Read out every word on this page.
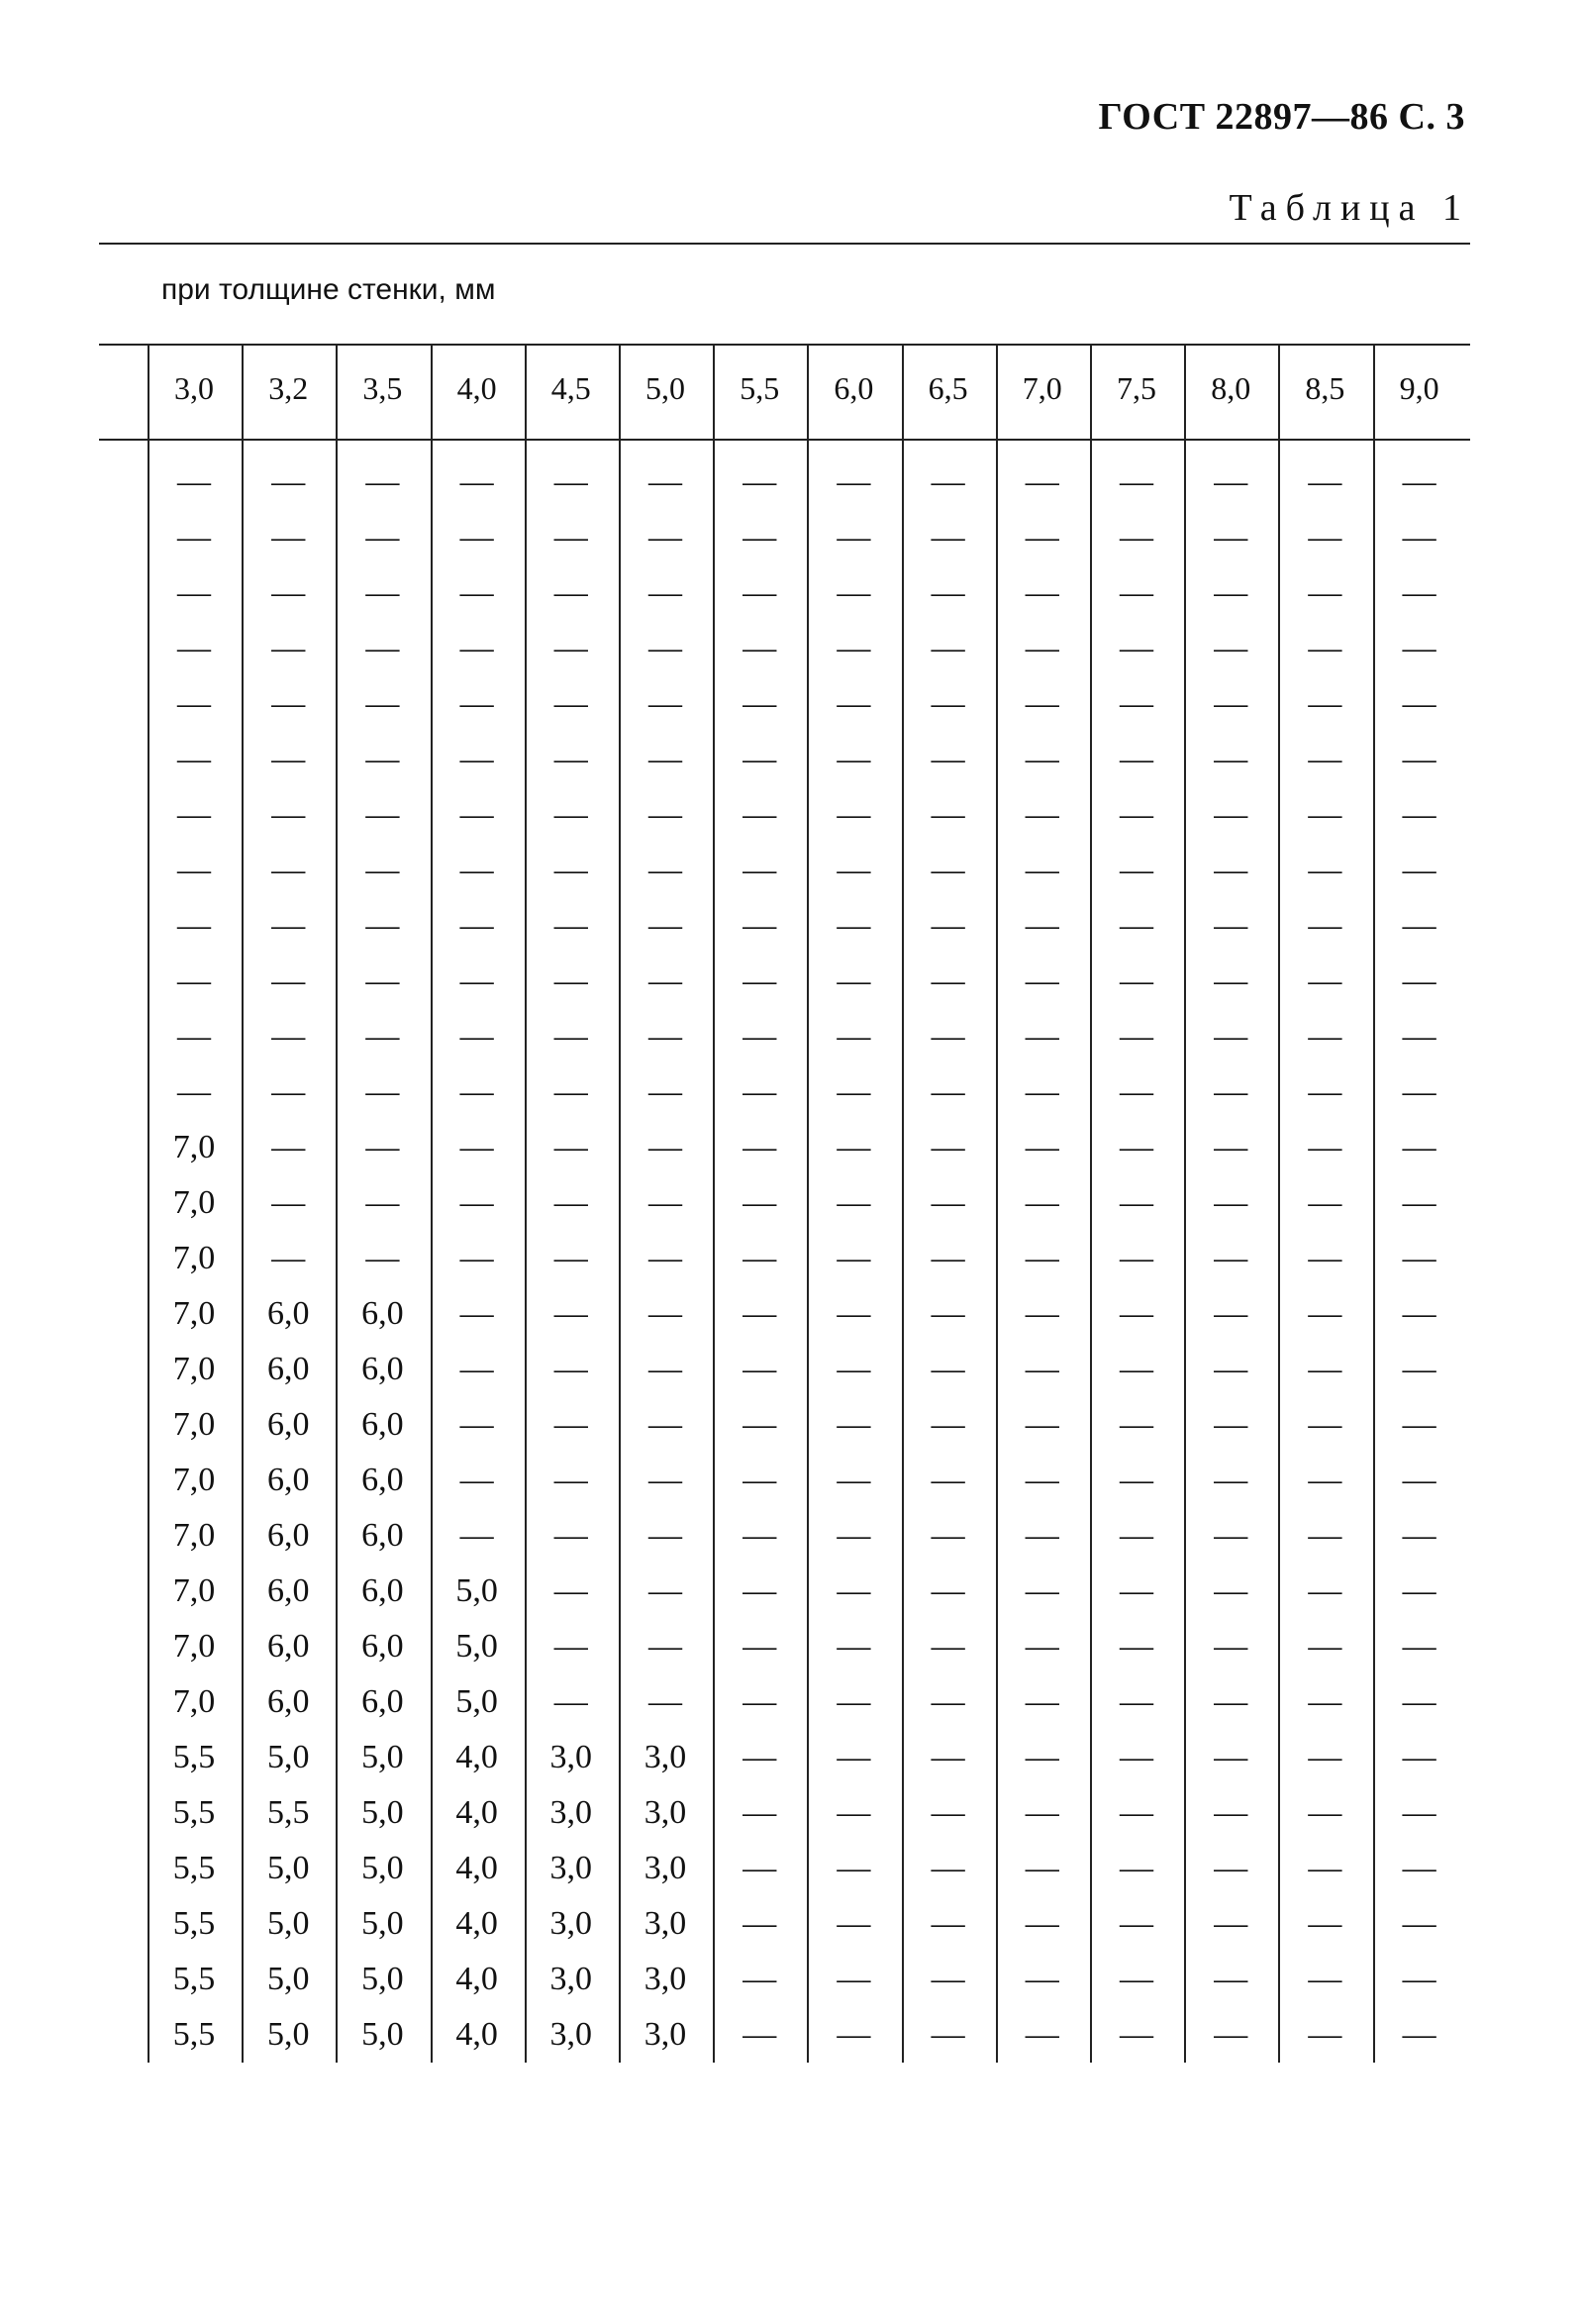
ГОСТ 22897—86 С. 3
Таблица 1
при толщине стенки, мм
3,0	3,2	3,5	4,0	4,5	5,0	5,5	6,0	6,5	7,0	7,5	8,0	8,5	9,0
—	—	—	—	—	—	—	—	—	—	—	—	—	—
—	—	—	—	—	—	—	—	—	—	—	—	—	—
—	—	—	—	—	—	—	—	—	—	—	—	—	—
—	—	—	—	—	—	—	—	—	—	—	—	—	—
—	—	—	—	—	—	—	—	—	—	—	—	—	—
—	—	—	—	—	—	—	—	—	—	—	—	—	—
—	—	—	—	—	—	—	—	—	—	—	—	—	—
—	—	—	—	—	—	—	—	—	—	—	—	—	—
—	—	—	—	—	—	—	—	—	—	—	—	—	—
—	—	—	—	—	—	—	—	—	—	—	—	—	—
—	—	—	—	—	—	—	—	—	—	—	—	—	—
—	—	—	—	—	—	—	—	—	—	—	—	—	—
7,0	—	—	—	—	—	—	—	—	—	—	—	—	—
7,0	—	—	—	—	—	—	—	—	—	—	—	—	—
7,0	—	—	—	—	—	—	—	—	—	—	—	—	—
7,0	6,0	6,0	—	—	—	—	—	—	—	—	—	—	—
7,0	6,0	6,0	—	—	—	—	—	—	—	—	—	—	—
7,0	6,0	6,0	—	—	—	—	—	—	—	—	—	—	—
7,0	6,0	6,0	—	—	—	—	—	—	—	—	—	—	—
7,0	6,0	6,0	—	—	—	—	—	—	—	—	—	—	—
7,0	6,0	6,0	5,0	—	—	—	—	—	—	—	—	—	—
7,0	6,0	6,0	5,0	—	—	—	—	—	—	—	—	—	—
7,0	6,0	6,0	5,0	—	—	—	—	—	—	—	—	—	—
5,5	5,0	5,0	4,0	3,0	3,0	—	—	—	—	—	—	—	—
5,5	5,5	5,0	4,0	3,0	3,0	—	—	—	—	—	—	—	—
5,5	5,0	5,0	4,0	3,0	3,0	—	—	—	—	—	—	—	—
5,5	5,0	5,0	4,0	3,0	3,0	—	—	—	—	—	—	—	—
5,5	5,0	5,0	4,0	3,0	3,0	—	—	—	—	—	—	—	—
5,5	5,0	5,0	4,0	3,0	3,0	—	—	—	—	—	—	—	—
